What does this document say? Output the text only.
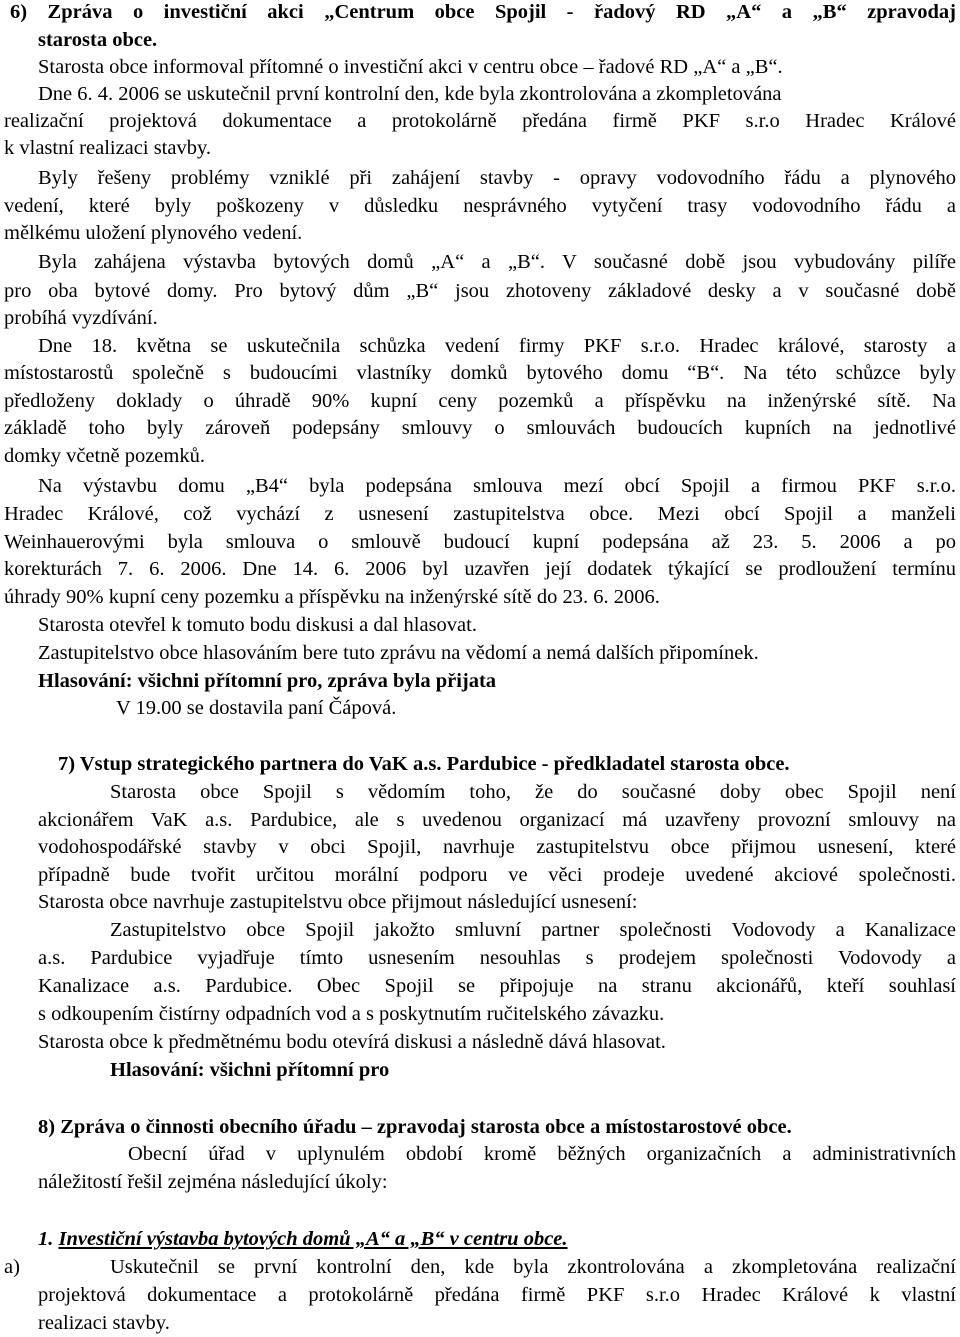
6) Zpráva o investiční akci „Centrum obce Spojil - řadový RD „A“ a „B“ zpravodaj
starosta obce.
Starosta obce informoval přítomné o investiční akci v centru obce – řadové RD „A“ a „B“.
Dne 6. 4. 2006 se uskutečnil první kontrolní den, kde byla zkontrolována a zkompletována
realizační projektová dokumentace a protokolárně předána firmě PKF s.r.o Hradec Králové
k vlastní realizaci stavby.
Byly řešeny problémy vzniklé při zahájení stavby - opravy vodovodního řádu a plynového
vedení, které byly poškozeny v důsledku nesprávného vytyčení trasy vodovodního řádu a
mělkému uložení plynového vedení.
Byla zahájena výstavba bytových domů „A“ a „B“. V současné době jsou vybudovány pilíře
pro oba bytové domy. Pro bytový dům „B“ jsou zhotoveny základové desky a v současné době
probíhá vyzdívání.
Dne 18. května se uskutečnila schůzka vedení firmy PKF s.r.o. Hradec králové, starosty a
místostarostů společně s budoucími vlastníky domků bytového domu “B“. Na této schůzce byly
předloženy doklady o úhradě 90% kupní ceny pozemků a příspěvku na inženýrské sítě. Na
základě toho byly zároveň podepsány smlouvy o smlouvách budoucích kupních na jednotlivé
domky včetně pozemků.
Na výstavbu domu „B4“ byla podepsána smlouva mezí obcí Spojil a firmou PKF s.r.o.
Hradec Králové, což vychází z usnesení zastupitelstva obce. Mezi obcí Spojil a manželi
Weinhauerovými byla smlouva o smlouvě budoucí kupní podepsána až 23. 5. 2006 a po
korekturách 7. 6. 2006. Dne 14. 6. 2006 byl uzavřen její dodatek týkající se prodloužení termínu
úhrady 90% kupní ceny pozemku a příspěvku na inženýrské sítě do 23. 6. 2006.
Starosta otevřel k tomuto bodu diskusi a dal hlasovat.
Zastupitelstvo obce hlasováním bere tuto zprávu na vědomí a nemá dalších připomínek.
Hlasování: všichni přítomní pro, zpráva byla přijata
V 19.00 se dostavila paní Čápová.
7) Vstup strategického partnera do VaK a.s. Pardubice - předkladatel starosta obce.
Starosta obce Spojil s vědomím toho, že do současné doby obec Spojil není
akcionářem VaK a.s. Pardubice, ale s uvedenou organizací má uzavřeny provozní smlouvy na
vodohospodářské stavby v obci Spojil, navrhuje zastupitelstvu obce přijmou usnesení, které
případně bude tvořit určitou morální podporu ve věci prodeje uvedené akciové společnosti.
Starosta obce navrhuje zastupitelstvu obce přijmout následující usnesení:
Zastupitelstvo obce Spojil jakožto smluvní partner společnosti Vodovody a Kanalizace
a.s. Pardubice vyjadřuje tímto usnesením nesouhlas s prodejem společnosti Vodovody a
Kanalizace a.s. Pardubice. Obec Spojil se připojuje na stranu akcionářů, kteří souhlasí
s odkoupením čistírny odpadních vod a s poskytnutím ručitelského závazku.
Starosta obce k předmětnému bodu otevírá diskusi a následně dává hlasovat.
Hlasování: všichni přítomní pro
8) Zpráva o činnosti obecního úřadu – zpravodaj starosta obce a místostarostové obce.
Obecní úřad v uplynulém období kromě běžných organizačních a administrativních
náležitostí řešil zejména následující úkoly:
1. Investiční výstavba bytových domů „A“ a „B“ v centru obce.
a)	Uskutečnil se první kontrolní den, kde byla zkontrolována a zkompletována realizační
projektová dokumentace a protokolárně předána firmě PKF s.r.o Hradec Králové k vlastní
realizaci stavby.
